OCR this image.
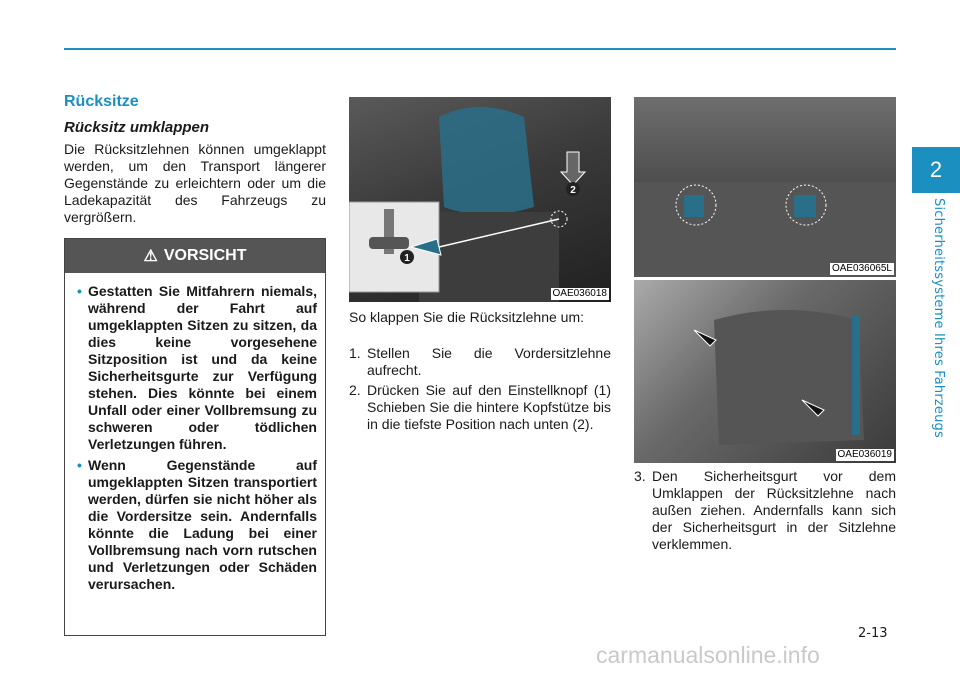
2
Sicherheitssysteme Ihres Fahrzeugs
Rücksitze
Rücksitz umklappen

Die Rücksitzlehnen können umgeklappt werden, um den Transport längerer Gegenstände zu erleichtern oder um die Ladekapazität des Fahrzeugs zu vergrößern.

⚠ VORSICHT
• Gestatten Sie Mitfahrern niemals, während der Fahrt auf umgeklappten Sitzen zu sitzen, da dies keine vorgesehene Sitzposition ist und da keine Sicherheitsgurte zur Verfügung stehen. Dies könnte bei einem Unfall oder einer Vollbremsung zu schweren oder tödlichen Verletzungen führen.
• Wenn Gegenstände auf umgeklappten Sitzen transportiert werden, dürfen sie nicht höher als die Vordersitze sein. Andernfalls könnte die Ladung bei einer Vollbremsung nach vorn rutschen und Verletzungen oder Schäden verursachen.
1
2
OAE036018
OAE036065L
OAE036019

So klappen Sie die Rücksitzlehne um:

1. Stellen Sie die Vordersitzlehne aufrecht.
2. Drücken Sie auf den Einstellknopf (1) Schieben Sie die hintere Kopfstütze bis in die tiefste Position nach unten (2).
3. Den Sicherheitsgurt vor dem Umklappen der Rücksitzlehne nach außen ziehen. Andernfalls kann sich der Sicherheitsgurt in der Sitzlehne verklemmen.
2-13
carmanualsonline.info
